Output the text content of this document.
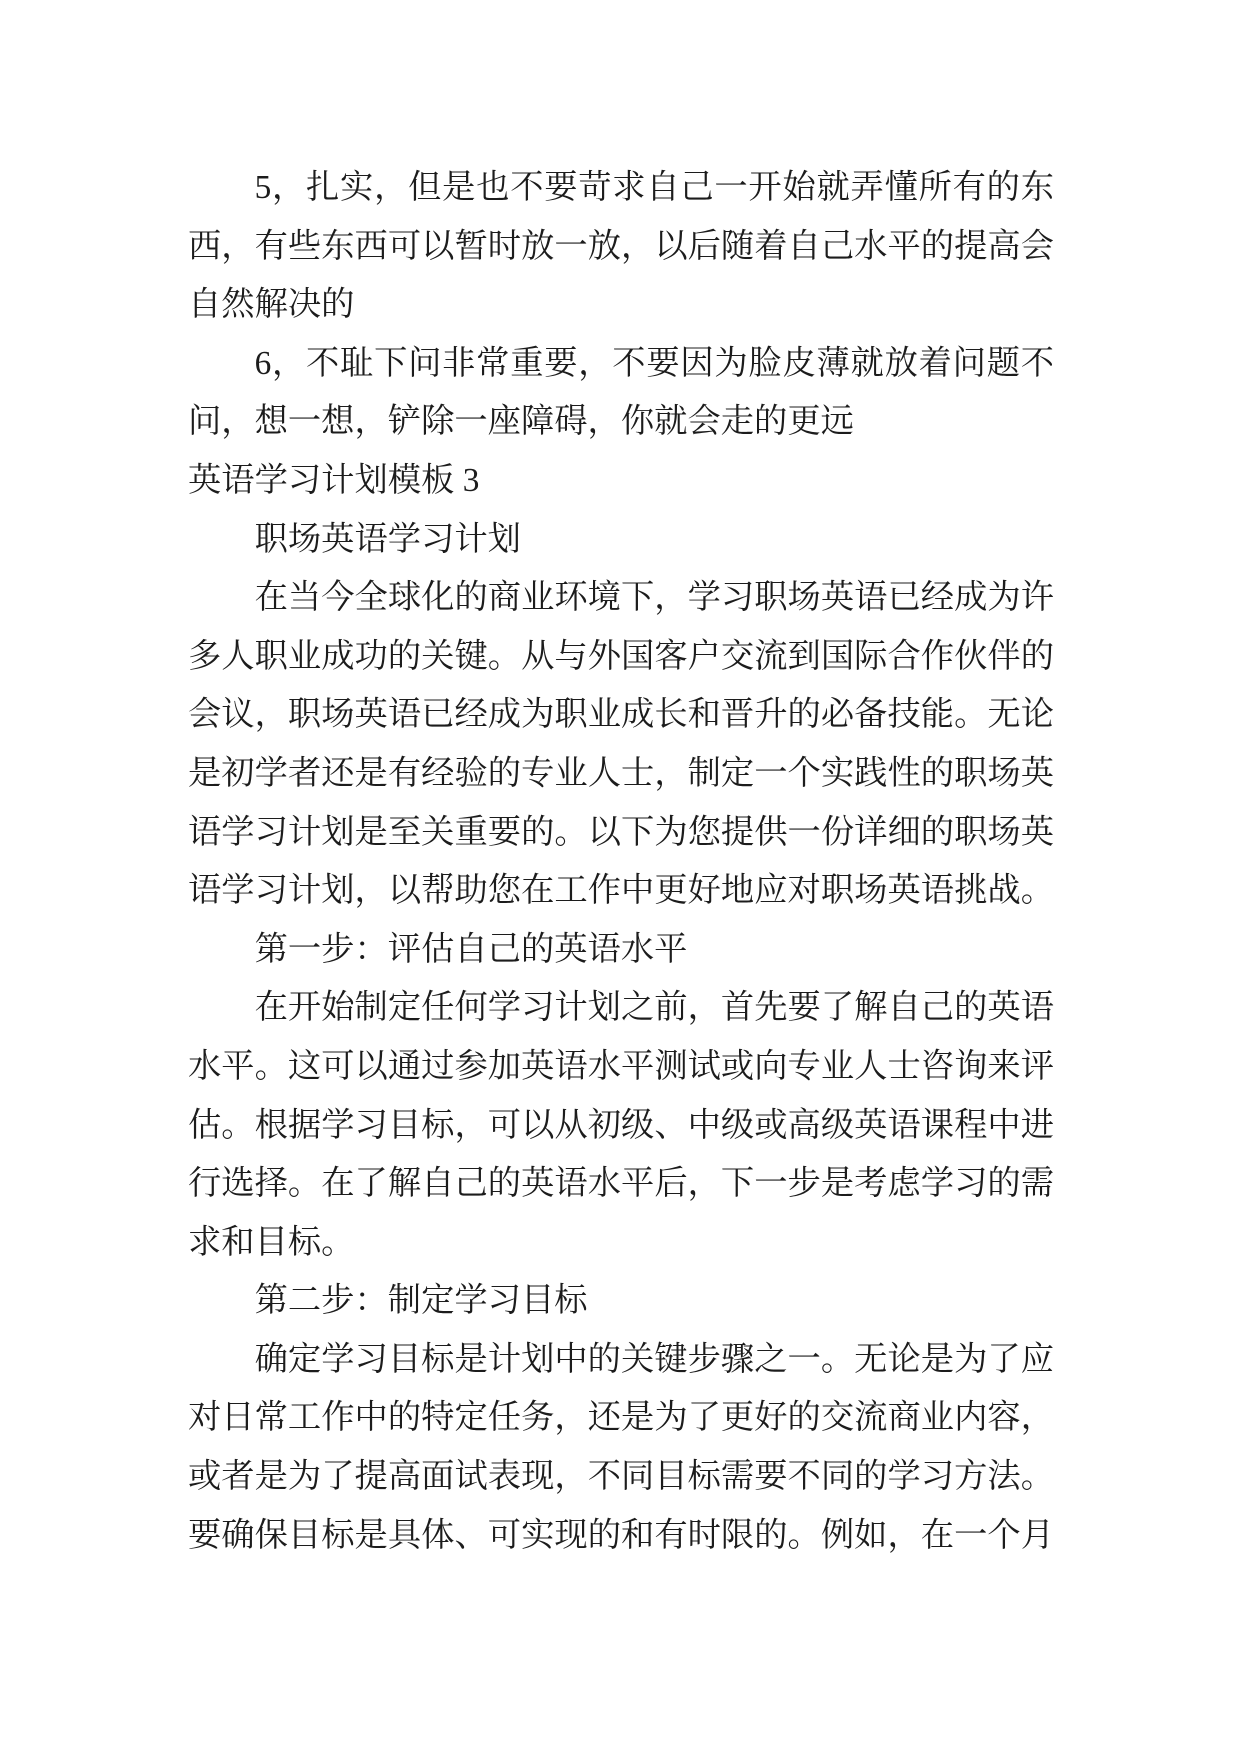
5，扎实，但是也不要苛求自己一开始就弄懂所有的东
西，有些东西可以暂时放一放，以后随着自己水平的提高会
自然解决的
6，不耻下问非常重要，不要因为脸皮薄就放着问题不
问，想一想，铲除一座障碍，你就会走的更远
英语学习计划模板 3
职场英语学习计划
在当今全球化的商业环境下，学习职场英语已经成为许
多人职业成功的关键。从与外国客户交流到国际合作伙伴的
会议，职场英语已经成为职业成长和晋升的必备技能。无论
是初学者还是有经验的专业人士，制定一个实践性的职场英
语学习计划是至关重要的。以下为您提供一份详细的职场英
语学习计划，以帮助您在工作中更好地应对职场英语挑战。
第一步：评估自己的英语水平
在开始制定任何学习计划之前，首先要了解自己的英语
水平。这可以通过参加英语水平测试或向专业人士咨询来评
估。根据学习目标，可以从初级、中级或高级英语课程中进
行选择。在了解自己的英语水平后，下一步是考虑学习的需
求和目标。
第二步：制定学习目标
确定学习目标是计划中的关键步骤之一。无论是为了应
对日常工作中的特定任务，还是为了更好的交流商业内容，
或者是为了提高面试表现，不同目标需要不同的学习方法。
要确保目标是具体、可实现的和有时限的。例如，在一个月
